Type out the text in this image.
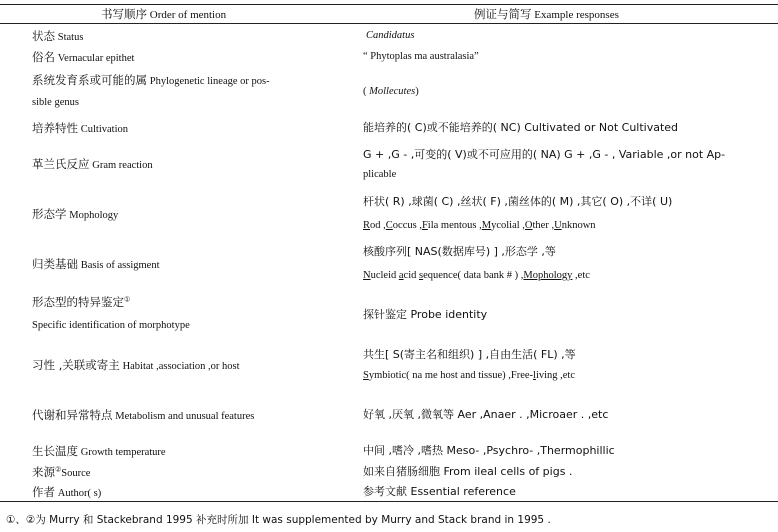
书写顺序 Order of mention	例证与简写 Example responses
状态 Status
俗名 Vernacular epithet
系统发育系或可能的属 Phylogenetic lineage or pos-
sible genus
培养特性 Cultivation
革兰氏反应 Gram reaction
形态学 Mophology
归类基础 Basis of assigment
形态型的特异鉴定①
Specific identification of morphotype
习性 ,关联或寄主 Habitat ,association ,or host
代谢和异常特点 Metabolism and unusual features
生长温度 Growth temperature
来源②Source
作者 Author( s)
Candidatus
“ Phytoplas ma australasia”
( Mollecutes)
能培养的( C)或不能培养的( NC) Cultivated or Not Cultivated
G + ,G - ,可变的( V)或不可应用的( NA) G + ,G - , Variable ,or not Ap-
plicable
杆状( R) ,球菌( C) ,丝状( F) ,菌丝体的( M) ,其它( O) ,不详( U)
Rod ,Coccus ,Fila mentous ,Mycolial ,Other ,Unknown
核酸序列[ NAS(数据库号) ] ,形态学 ,等
Nucleid acid sequence( data bank # ) ,Mophology ,etc
探针鉴定 Probe identity
共生[ S(寄主名和组织) ] ,自由生活( FL) ,等
Symbiotic( na me host and tissue) ,Free-living ,etc
好氧 ,厌氧 ,微氧等 Aer ,Anaer . ,Microaer . ,etc
中间 ,嗜冷 ,嗜热 Meso- ,Psychro- ,Thermophillic
如来自猪肠细胞 From ileal cells of pigs .
参考文献 Essential reference
①、②为 Murry 和 Stackebrand 1995 补充时所加 It was supplemented by Murry and Stack brand in 1995 .
